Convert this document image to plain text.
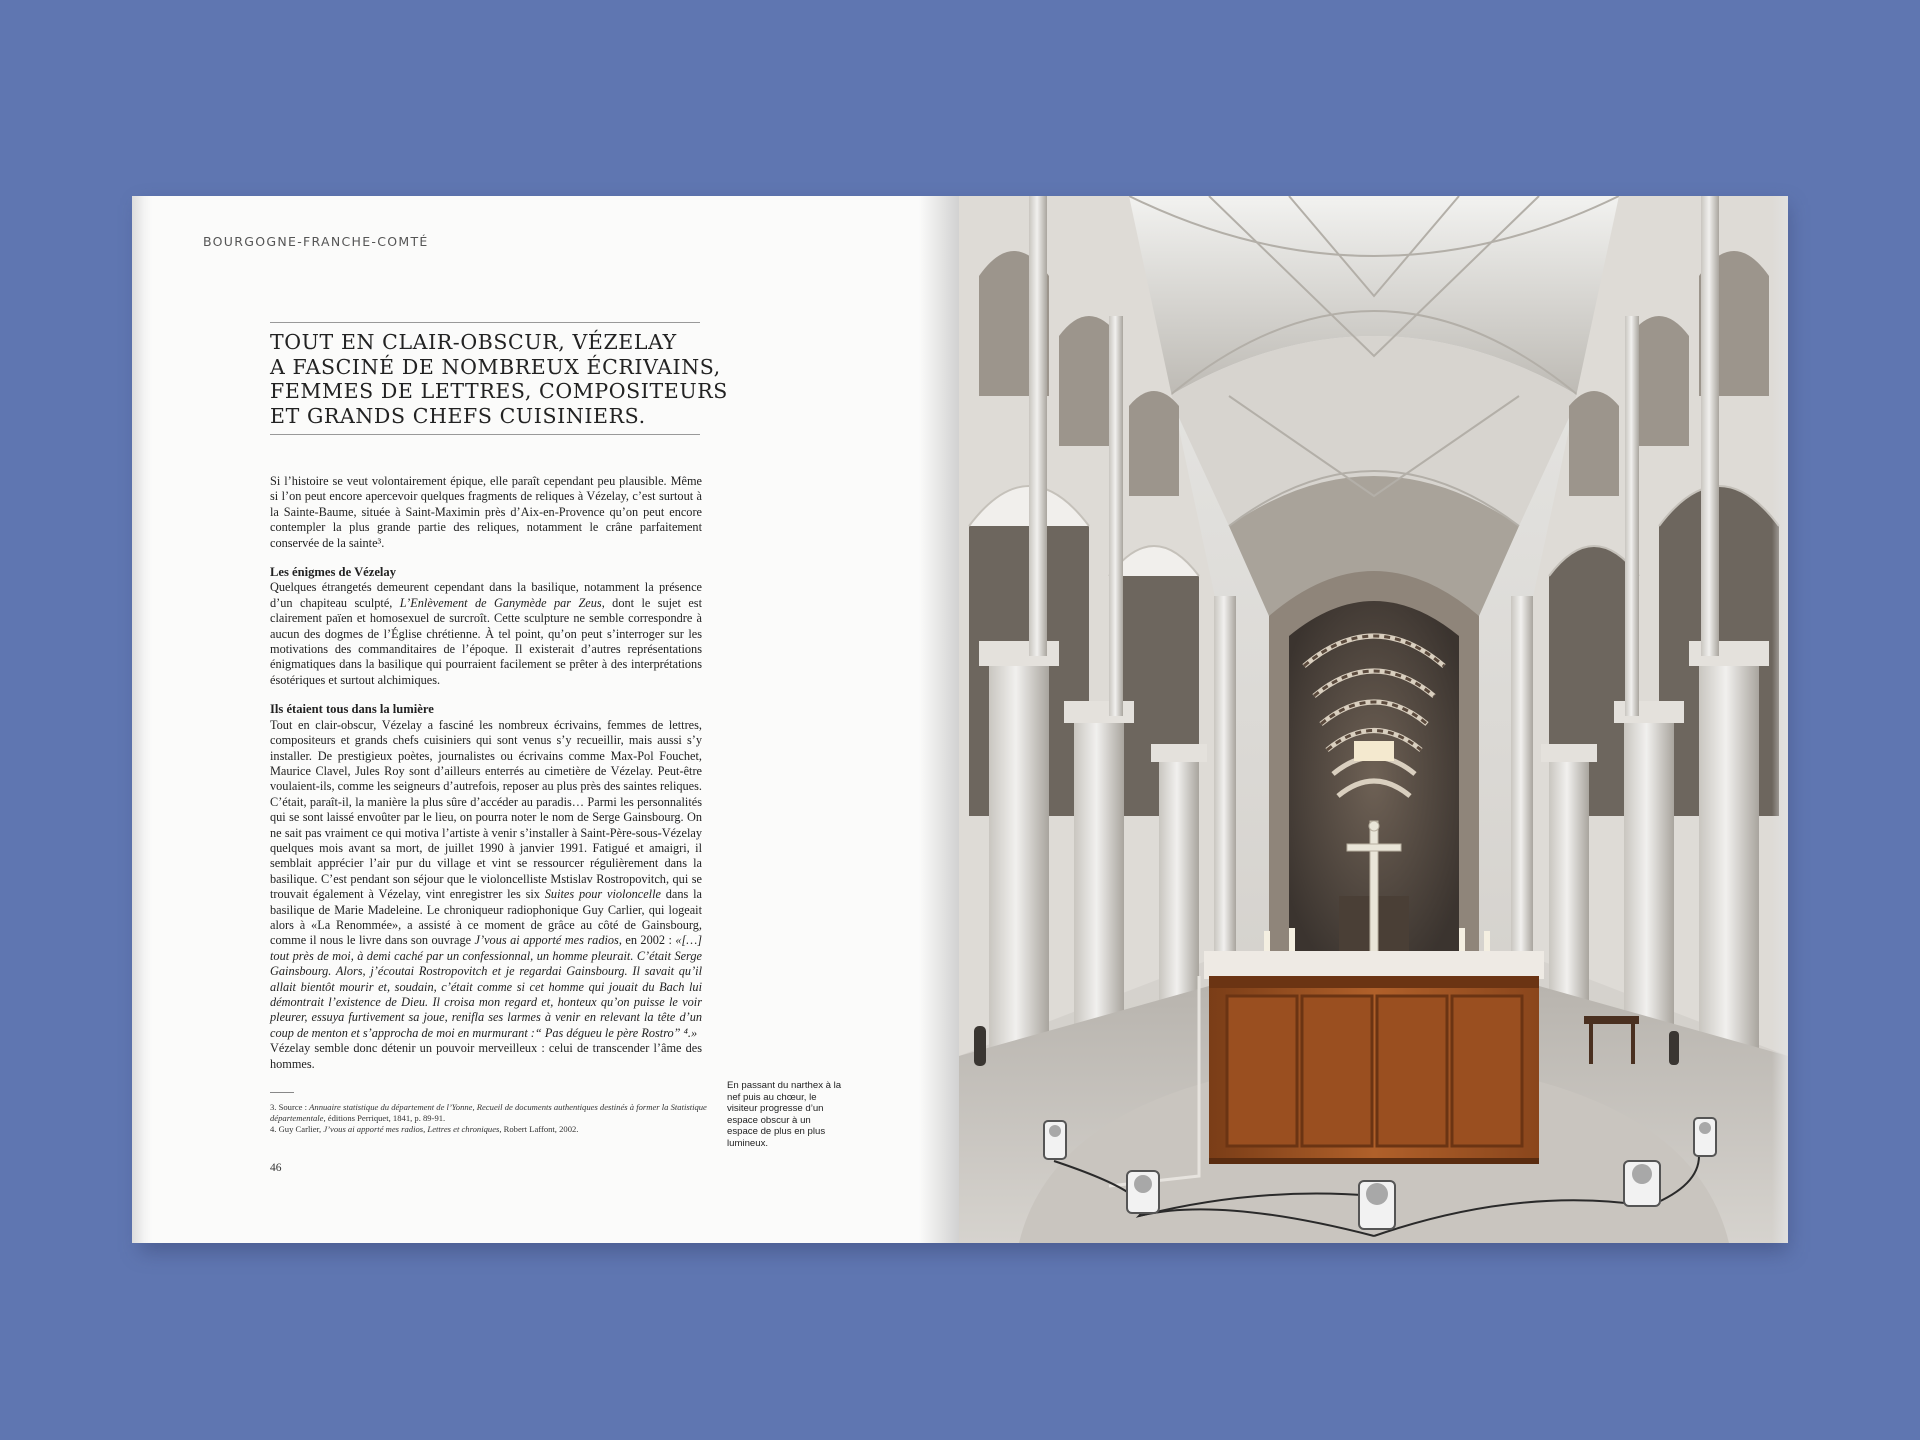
BOURGOGNE-FRANCHE-COMTÉ
TOUT EN CLAIR-OBSCUR, VÉZELAY
A FASCINÉ DE NOMBREUX ÉCRIVAINS,
FEMMES DE LETTRES, COMPOSITEURS
ET GRANDS CHEFS CUISINIERS.

Si l’histoire se veut volontairement épique, elle paraît cependant peu plausible. Même si l’on peut encore apercevoir quelques fragments de reliques à Vézelay, c’est surtout à la Sainte-Baume, située à Saint-Maximin près d’Aix-en-Provence qu’on peut encore contempler la plus grande partie des reliques, notamment le crâne parfaitement conservée de la sainte³.

Les énigmes de Vézelay

Quelques étrangetés demeurent cependant dans la basilique, notamment la présence d’un chapiteau sculpté, L’Enlèvement de Ganymède par Zeus, dont le sujet est clairement païen et homosexuel de surcroît. Cette sculpture ne semble correspondre à aucun des dogmes de l’Église chrétienne. À tel point, qu’on peut s’interroger sur les motivations des commanditaires de l’époque. Il existerait d’autres représentations énigmatiques dans la basilique qui pourraient facilement se prêter à des interprétations ésotériques et surtout alchimiques.

Ils étaient tous dans la lumière

Tout en clair-obscur, Vézelay a fasciné les nombreux écrivains, femmes de lettres, compositeurs et grands chefs cuisiniers qui sont venus s’y recueillir, mais aussi s’y installer. De prestigieux poètes, journalistes ou écrivains comme Max-Pol Fouchet, Maurice Clavel, Jules Roy sont d’ailleurs enterrés au cimetière de Vézelay. Peut-être voulaient-ils, comme les seigneurs d’autrefois, reposer au plus près des saintes reliques. C’était, paraît-il, la manière la plus sûre d’accéder au paradis… Parmi les personnalités qui se sont laissé envoûter par le lieu, on pourra noter le nom de Serge Gainsbourg. On ne sait pas vraiment ce qui motiva l’artiste à venir s’installer à Saint-Père-sous-Vézelay quelques mois avant sa mort, de juillet 1990 à janvier 1991. Fatigué et amaigri, il semblait apprécier l’air pur du village et vint se ressourcer régulièrement dans la basilique. C’est pendant son séjour que le violoncelliste Mstislav Rostropovitch, qui se trouvait également à Vézelay, vint enregistrer les six Suites pour violoncelle dans la basilique de Marie Madeleine. Le chroniqueur radiophonique Guy Carlier, qui logeait alors à «La Renommée», a assisté à ce moment de grâce au côté de Gainsbourg, comme il nous le livre dans son ouvrage J’vous ai apporté mes radios, en 2002 : «[…] tout près de moi, à demi caché par un confessionnal, un homme pleurait. C’était Serge Gainsbourg. Alors, j’écoutai Rostropovitch et je regardai Gainsbourg. Il savait qu’il allait bientôt mourir et, soudain, c’était comme si cet homme qui jouait du Bach lui démontrait l’existence de Dieu. Il croisa mon regard et, honteux qu’on puisse le voir pleurer, essuya furtivement sa joue, renifla ses larmes à venir en relevant la tête d’un coup de menton et s’approcha de moi en murmurant :“ Pas dégueu le père Rostro” ⁴.»

Vézelay semble donc détenir un pouvoir merveilleux : celui de transcender l’âme des hommes.

3. Source : Annuaire statistique du département de l’Yonne, Recueil de documents authentiques destinés à former la Statistique départementale, éditions Perriquet, 1841, p. 89-91.

4. Guy Carlier, J’vous ai apporté mes radios, Lettres et chroniques, Robert Laffont, 2002.

En passant du narthex à la nef puis au chœur, le visiteur progresse d’un espace obscur à un espace de plus en plus lumineux.
46
